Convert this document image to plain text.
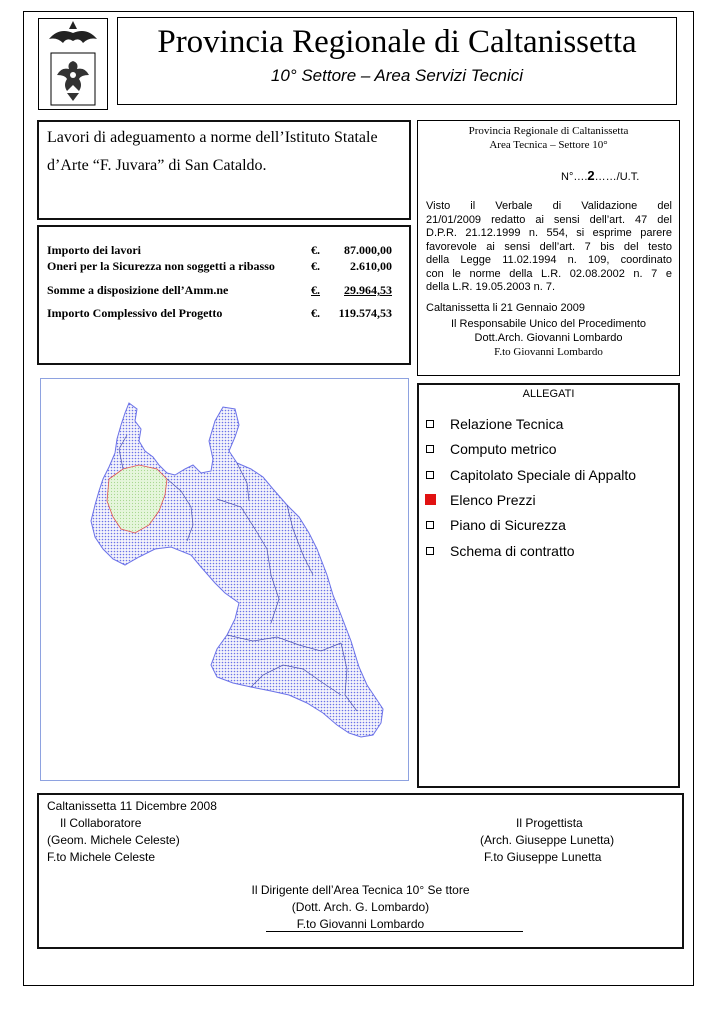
Provincia Regionale di Caltanissetta
10° Settore – Area Servizi Tecnici
Lavori di adeguamento a norme dell’Istituto Statale
d’Arte “F. Juvara” di San Cataldo.
Importo dei lavori	€.	87.000,00
Oneri per la Sicurezza non soggetti a ribasso	€.	2.610,00
Somme a disposizione dell’Amm.ne	€.	29.964,53
Importo Complessivo del Progetto	€.	119.574,53
Provincia Regionale di Caltanissetta
Area Tecnica – Settore 10°
N°….2……/U.T.
Visto il Verbale di Validazione del
21/01/2009 redatto ai sensi dell’art. 47 del
D.P.R. 21.12.1999 n. 554, si esprime parere
favorevole ai sensi dell’art. 7 bis del testo
della Legge 11.02.1994 n. 109, coordinato
con le norme della L.R. 02.08.2002 n. 7 e
della L.R. 19.05.2003 n. 7.
Caltanissetta li 21 Gennaio 2009
Il Responsabile Unico del Procedimento
Dott.Arch. Giovanni Lombardo
F.to Giovanni Lombardo
ALLEGATI
Relazione Tecnica
Computo metrico
Capitolato Speciale di Appalto
Elenco Prezzi
Piano di Sicurezza
Schema di contratto
Caltanissetta 11 Dicembre 2008
Il Collaboratore
(Geom. Michele Celeste)
F.to Michele Celeste
Il Progettista
(Arch. Giuseppe Lunetta)
F.to Giuseppe Lunetta
Il Dirigente dell’Area Tecnica 10° Se ttore
(Dott. Arch. G. Lombardo)
F.to Giovanni Lombardo
